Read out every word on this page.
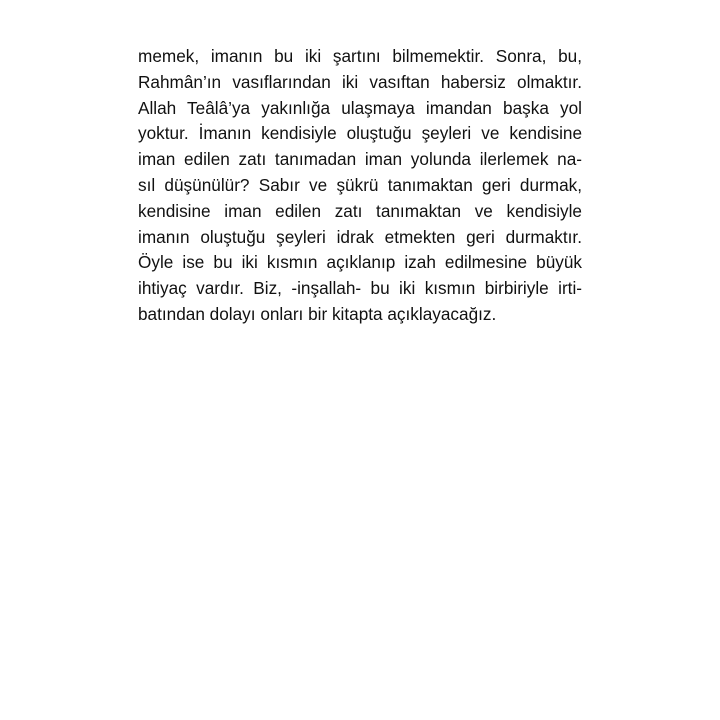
memek, imanın bu iki şartını bilmemektir. Sonra, bu,
Rahmân’ın vasıflarından iki vasıftan habersiz olmaktır.
Allah Teâlâ’ya yakınlığa ulaşmaya imandan başka yol
yoktur. İmanın kendisiyle oluştuğu şeyleri ve kendisine
iman edilen zatı tanımadan iman yolunda ilerlemek na-
sıl düşünülür? Sabır ve şükrü tanımaktan geri durmak,
kendisine iman edilen zatı tanımaktan ve kendisiyle
imanın oluştuğu şeyleri idrak etmekten geri durmaktır.
Öyle ise bu iki kısmın açıklanıp izah edilmesine büyük
ihtiyaç vardır. Biz, -inşallah- bu iki kısmın birbiriyle irti-
batından dolayı onları bir kitapta açıklayacağız.
